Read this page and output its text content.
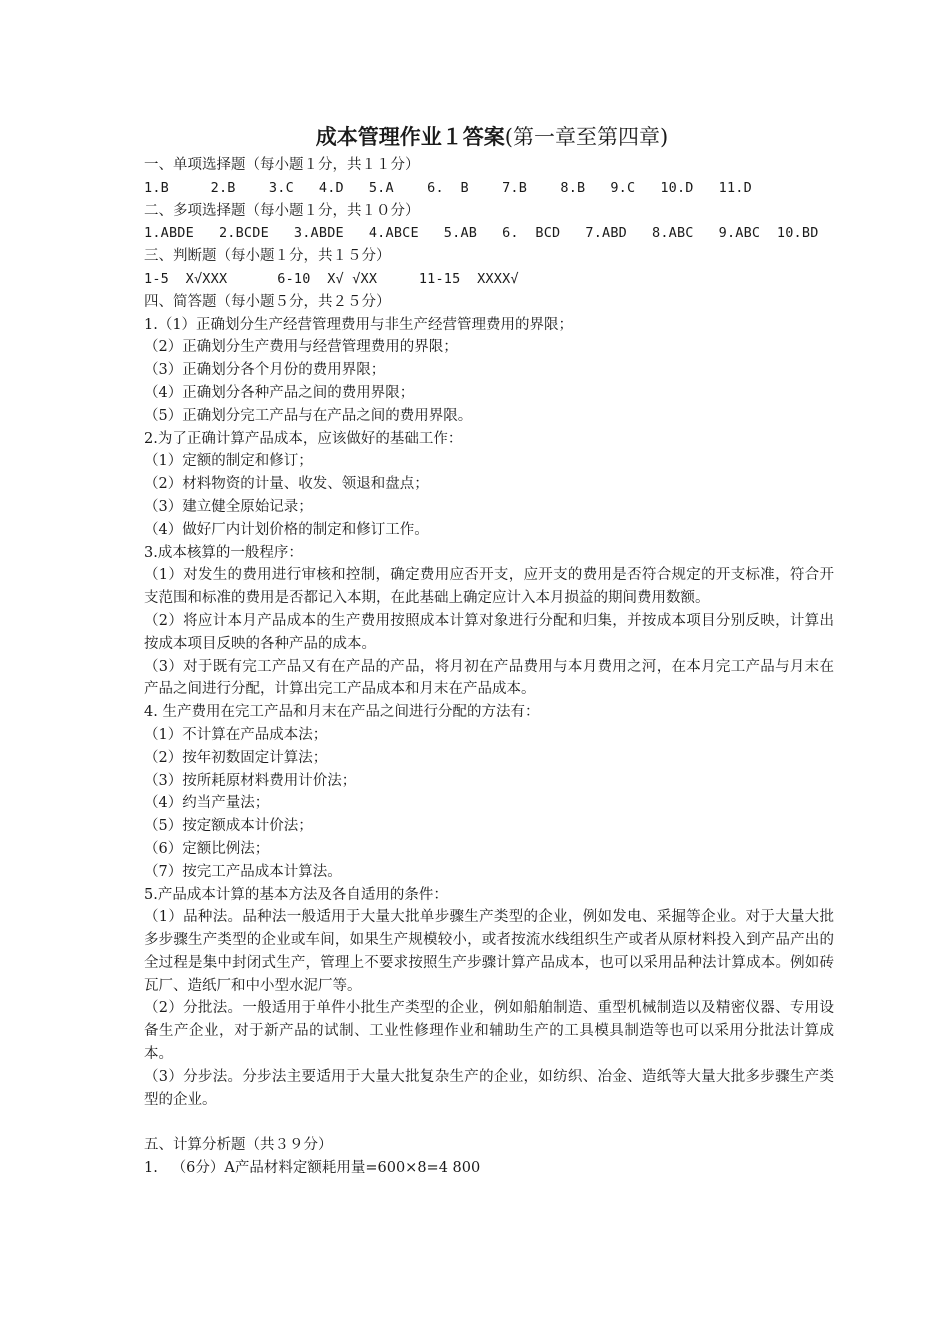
成本管理作业１答案(第一章至第四章)

一、单项选择题（每小题１分，共１１分）

1.B     2.B    3.C   4.D   5.A    6.  B    7.B    8.B   9.C   10.D   11.D

二、多项选择题（每小题１分，共１０分）

1.ABDE   2.BCDE   3.ABDE   4.ABCE   5.AB   6.  BCD   7.ABD   8.ABC   9.ABC  10.BD

三、判断题（每小题１分，共１５分）

1-5  X√XXX      6-10  X√ √XX     11-15  XXXX√

四、简答题（每小题５分，共２５分）

1.（1）正确划分生产经营管理费用与非生产经营管理费用的界限；

（2）正确划分生产费用与经营管理费用的界限；

（3）正确划分各个月份的费用界限；

（4）正确划分各种产品之间的费用界限；

（5）正确划分完工产品与在产品之间的费用界限。

2.为了正确计算产品成本，应该做好的基础工作：

（1）定额的制定和修订；

（2）材料物资的计量、收发、领退和盘点；

（3）建立健全原始记录；

（4）做好厂内计划价格的制定和修订工作。

3.成本核算的一般程序：

（1）对发生的费用进行审核和控制，确定费用应否开支，应开支的费用是否符合规定的开支标准，符合开支范围和标准的费用是否都记入本期，在此基础上确定应计入本月损益的期间费用数额。

（2）将应计本月产品成本的生产费用按照成本计算对象进行分配和归集，并按成本项目分别反映，计算出按成本项目反映的各种产品的成本。

（3）对于既有完工产品又有在产品的产品，将月初在产品费用与本月费用之河，在本月完工产品与月末在产品之间进行分配，计算出完工产品成本和月末在产品成本。

4. 生产费用在完工产品和月末在产品之间进行分配的方法有：

（1）不计算在产品成本法；

（2）按年初数固定计算法；

（3）按所耗原材料费用计价法；

（4）约当产量法；

（5）按定额成本计价法；

（6）定额比例法；

（7）按完工产品成本计算法。

5.产品成本计算的基本方法及各自适用的条件：

（1）品种法。品种法一般适用于大量大批单步骤生产类型的企业，例如发电、采掘等企业。对于大量大批多步骤生产类型的企业或车间，如果生产规模较小，或者按流水线组织生产或者从原材料投入到产品产出的全过程是集中封闭式生产，管理上不要求按照生产步骤计算产品成本，也可以采用品种法计算成本。例如砖瓦厂、造纸厂和中小型水泥厂等。

（2）分批法。一般适用于单件小批生产类型的企业，例如船舶制造、重型机械制造以及精密仪器、专用设备生产企业，对于新产品的试制、工业性修理作业和辅助生产的工具模具制造等也可以采用分批法计算成本。

（3）分步法。分步法主要适用于大量大批复杂生产的企业，如纺织、冶金、造纸等大量大批多步骤生产类型的企业。

五、计算分析题（共３９分）

1.   （6分）A产品材料定额耗用量=600×8=4 800
